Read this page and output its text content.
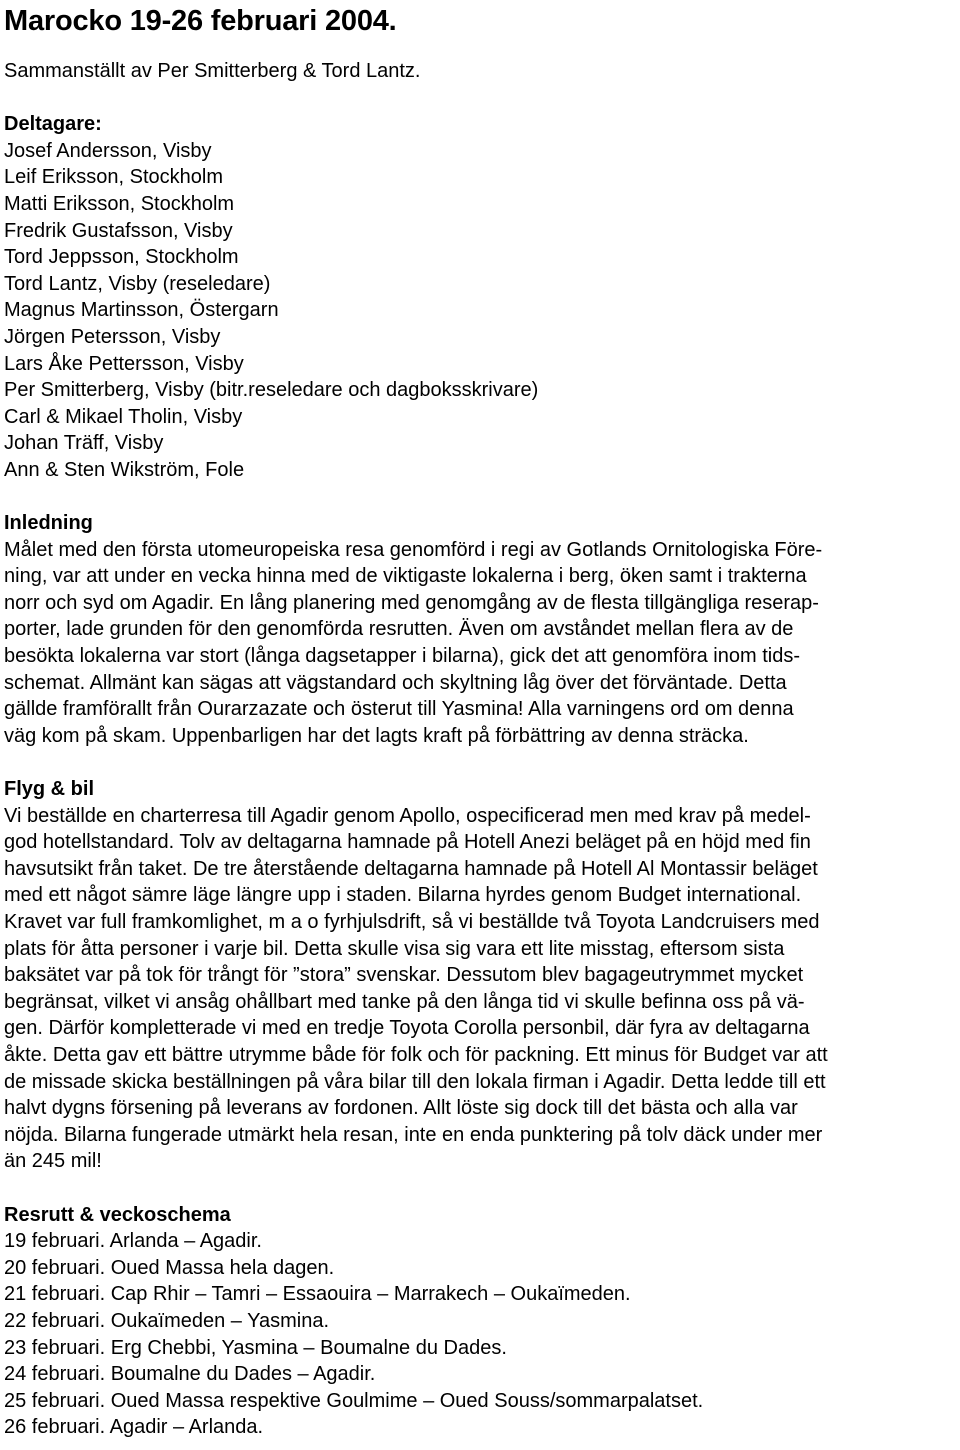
Marocko 19-26 februari 2004.
Sammanställt av Per Smitterberg & Tord Lantz.
Deltagare:
Josef Andersson, Visby
Leif Eriksson, Stockholm
Matti Eriksson, Stockholm
Fredrik Gustafsson, Visby
Tord Jeppsson, Stockholm
Tord Lantz, Visby (reseledare)
Magnus Martinsson, Östergarn
Jörgen Petersson, Visby
Lars Åke Pettersson, Visby
Per Smitterberg, Visby (bitr.reseledare och dagboksskrivare)
Carl & Mikael Tholin, Visby
Johan Träff, Visby
Ann & Sten Wikström, Fole
Inledning

Målet med den första utomeuropeiska resa genomförd i regi av Gotlands Ornitologiska Före-
ning, var att under en vecka hinna med de viktigaste lokalerna i berg, öken samt i trakterna
norr och syd om Agadir. En lång planering med genomgång av de flesta tillgängliga reserap-
porter, lade grunden för den genomförda resrutten. Även om avståndet mellan flera av de
besökta lokalerna var stort (långa dagsetapper i bilarna), gick det att genomföra inom tids-
schemat. Allmänt kan sägas att vägstandard och skyltning låg över det förväntade. Detta
gällde framförallt från Ourarzazate och österut till Yasmina! Alla varningens ord om denna
väg kom på skam. Uppenbarligen har det lagts kraft på förbättring av denna sträcka.

Flyg & bil

Vi beställde en charterresa till Agadir genom Apollo, ospecificerad men med krav på medel-
god hotellstandard. Tolv av deltagarna hamnade på Hotell Anezi beläget på en höjd med fin
havsutsikt från taket. De tre återstående deltagarna hamnade på Hotell Al Montassir beläget
med ett något sämre läge längre upp i staden. Bilarna hyrdes genom Budget international.
Kravet var full framkomlighet, m a o fyrhjulsdrift, så vi beställde två Toyota Landcruisers med
plats för åtta personer i varje bil. Detta skulle visa sig vara ett lite misstag, eftersom sista
baksätet var på tok för trångt för ”stora” svenskar. Dessutom blev bagageutrymmet mycket
begränsat, vilket vi ansåg ohållbart med tanke på den långa tid vi skulle befinna oss på vä-
gen. Därför kompletterade vi med en tredje Toyota Corolla personbil, där fyra av deltagarna
åkte. Detta gav ett bättre utrymme både för folk och för packning. Ett minus för Budget var att
de missade skicka beställningen på våra bilar till den lokala firman i Agadir. Detta ledde till ett
halvt dygns försening på leverans av fordonen. Allt löste sig dock till det bästa och alla var
nöjda. Bilarna fungerade utmärkt hela resan, inte en enda punktering på tolv däck under mer
än 245 mil!

Resrutt & veckoschema
19 februari. Arlanda – Agadir.
20 februari. Oued Massa hela dagen.
21 februari. Cap Rhir – Tamri – Essaouira – Marrakech – Oukaïmeden.
22 februari. Oukaïmeden – Yasmina.
23 februari. Erg Chebbi, Yasmina – Boumalne du Dades.
24 februari. Boumalne du Dades – Agadir.
25 februari. Oued Massa respektive Goulmime – Oued Souss/sommarpalatset.
26 februari. Agadir – Arlanda.
